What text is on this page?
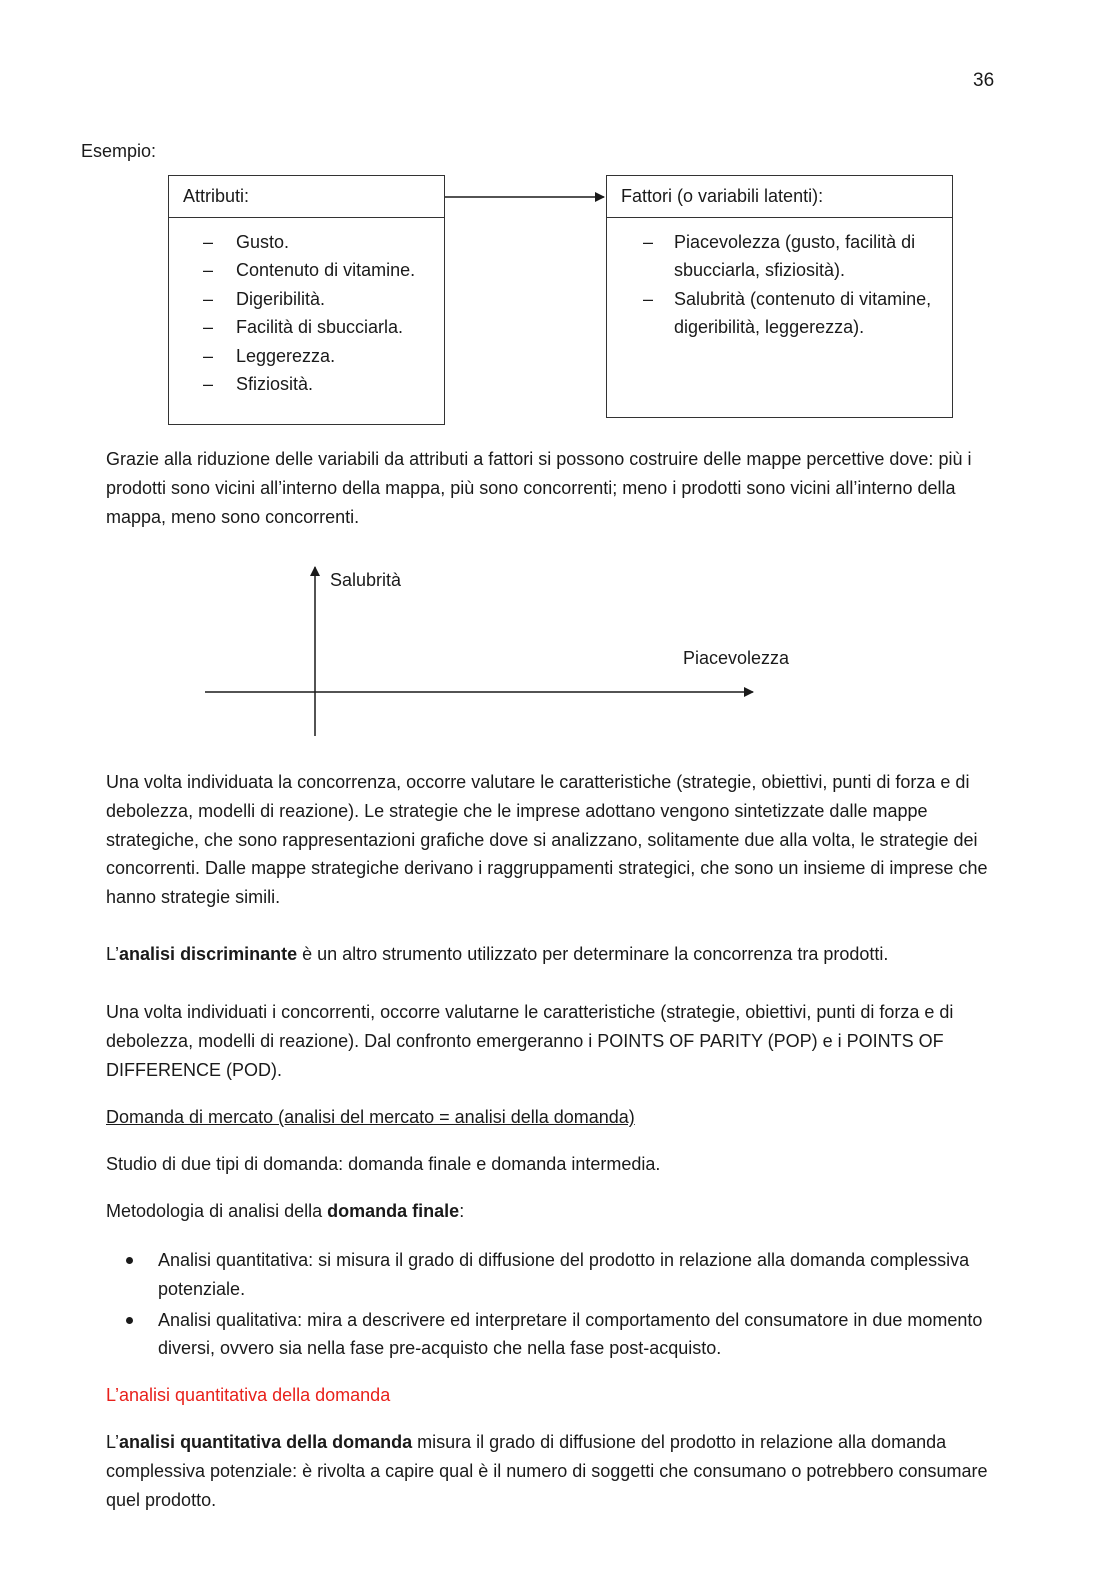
36
Esempio:
Attributi:
– Gusto.
– Contenuto di vitamine.
– Digeribilità.
– Facilità di sbucciarla.
– Leggerezza.
– Sfiziosità.
Fattori (o variabili latenti):
– Piacevolezza (gusto, facilità di sbucciarla, sfiziosità).
– Salubrità (contenuto di vitamine, digeribilità, leggerezza).
Salubrità
Piacevolezza
Grazie alla riduzione delle variabili da attributi a fattori si possono costruire delle mappe percettive dove: più i prodotti sono vicini all’interno della mappa, più sono concorrenti; meno i prodotti sono vicini all’interno della mappa, meno sono concorrenti.
Una volta individuata la concorrenza, occorre valutare le caratteristiche (strategie, obiettivi, punti di forza e di debolezza, modelli di reazione). Le strategie che le imprese adottano vengono sintetizzate dalle mappe strategiche, che sono rappresentazioni grafiche dove si analizzano, solitamente due alla volta, le strategie dei concorrenti. Dalle mappe strategiche derivano i raggruppamenti strategici, che sono un insieme di imprese che hanno strategie simili.
L’analisi discriminante è un altro strumento utilizzato per determinare la concorrenza tra prodotti.
Una volta individuati i concorrenti, occorre valutarne le caratteristiche (strategie, obiettivi, punti di forza e di debolezza, modelli di reazione). Dal confronto emergeranno i POINTS OF PARITY (POP) e i POINTS OF DIFFERENCE (POD).
Domanda di mercato (analisi del mercato = analisi della domanda)
Studio di due tipi di domanda: domanda finale e domanda intermedia.
Metodologia di analisi della domanda finale:
Analisi quantitativa: si misura il grado di diffusione del prodotto in relazione alla domanda complessiva potenziale.
Analisi qualitativa: mira a descrivere ed interpretare il comportamento del consumatore in due momento diversi, ovvero sia nella fase pre-acquisto che nella fase post-acquisto.
L’analisi quantitativa della domanda
L’analisi quantitativa della domanda misura il grado di diffusione del prodotto in relazione alla domanda complessiva potenziale: è rivolta a capire qual è il numero di soggetti che consumano o potrebbero consumare quel prodotto.
